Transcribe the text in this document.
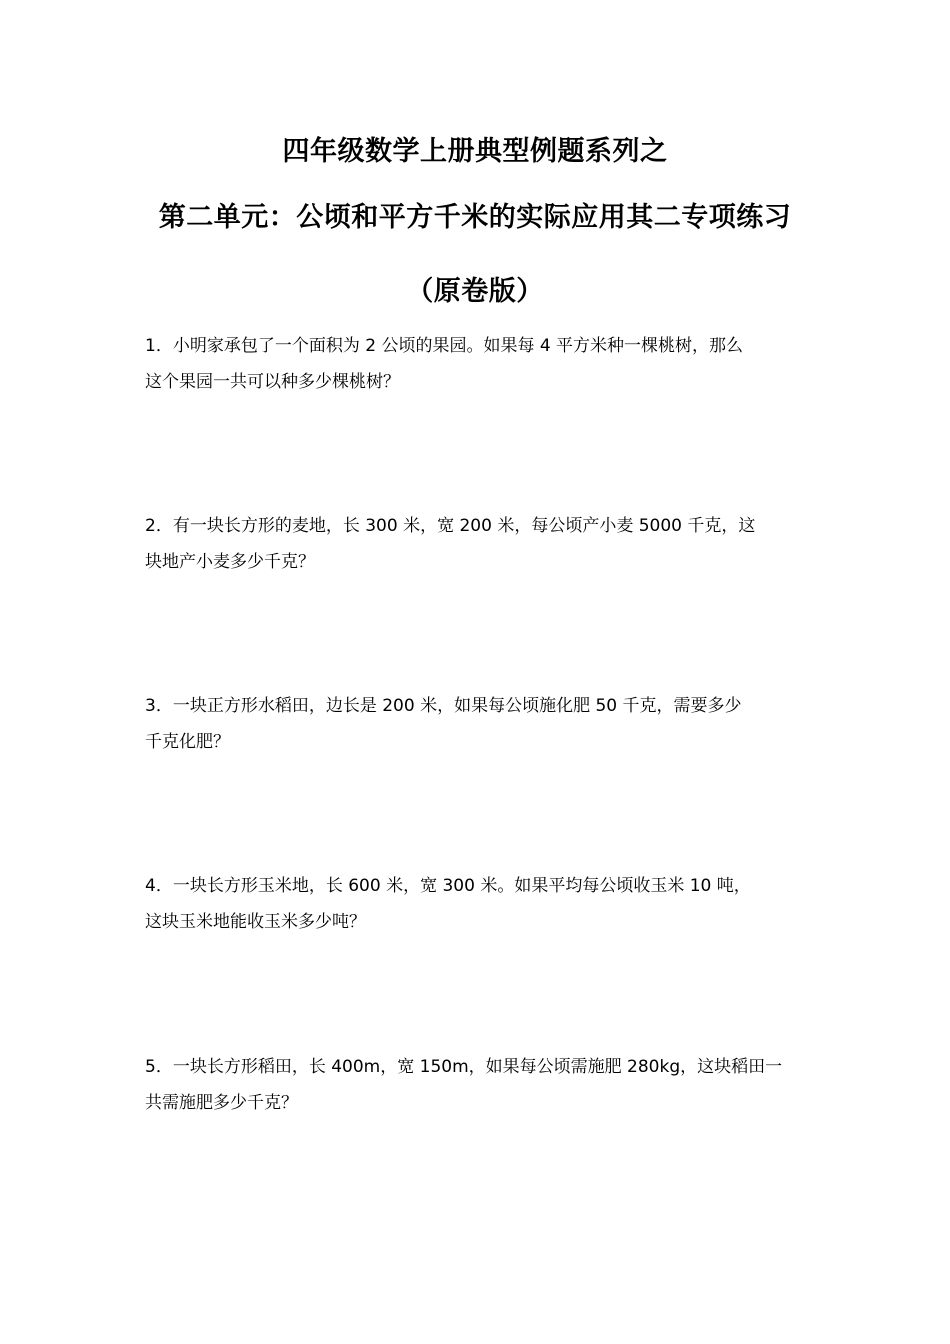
四年级数学上册典型例题系列之
第二单元：公顷和平方千米的实际应用其二专项练习
（原卷版）
1．小明家承包了一个面积为 2 公顷的果园。如果每 4 平方米种一棵桃树，那么
这个果园一共可以种多少棵桃树？
2．有一块长方形的麦地，长 300 米，宽 200 米，每公顷产小麦 5000 千克，这
块地产小麦多少千克？
3．一块正方形水稻田，边长是 200 米，如果每公顷施化肥 50 千克，需要多少
千克化肥？
4．一块长方形玉米地，长 600 米，宽 300 米。如果平均每公顷收玉米 10 吨，
这块玉米地能收玉米多少吨？
5．一块长方形稻田，长 400m，宽 150m，如果每公顷需施肥 280kg，这块稻田一
共需施肥多少千克？
